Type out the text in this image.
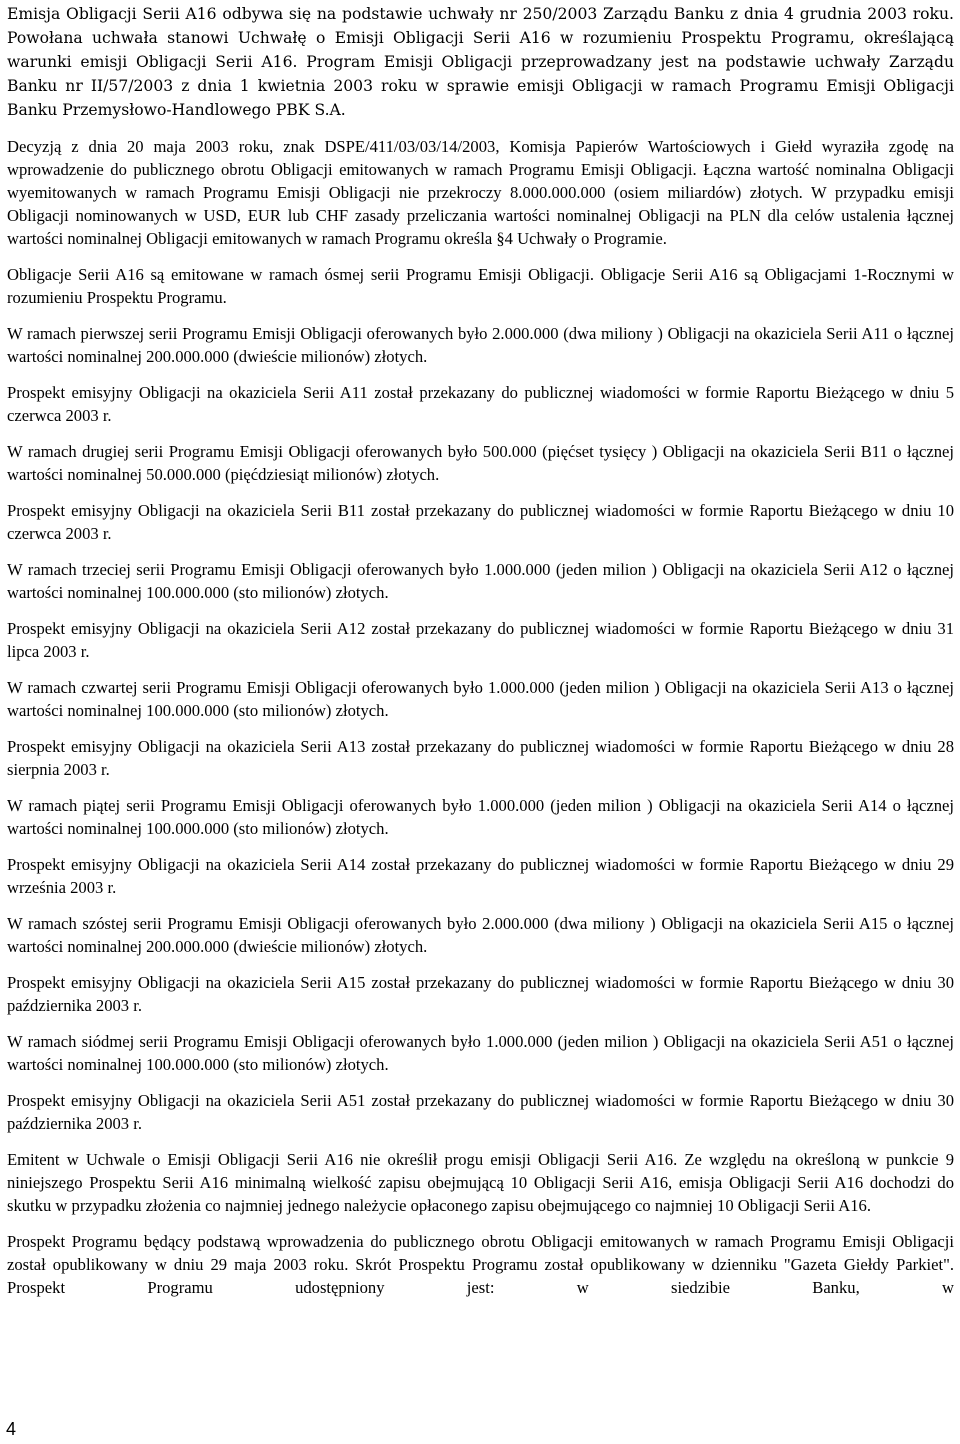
Emisja Obligacji Serii A16 odbywa się na podstawie uchwały nr 250/2003 Zarządu Banku z dnia 4 grudnia 2003 roku. Powołana uchwała stanowi Uchwałę o Emisji Obligacji Serii A16 w rozumieniu Prospektu Programu, określającą warunki emisji Obligacji Serii A16. Program Emisji Obligacji przeprowadzany jest na podstawie uchwały Zarządu Banku nr II/57/2003 z dnia 1 kwietnia 2003 roku w sprawie emisji Obligacji w ramach Programu Emisji Obligacji Banku Przemysłowo-Handlowego PBK S.A.

Decyzją z dnia 20 maja 2003 roku, znak DSPE/411/03/03/14/2003, Komisja Papierów Wartościowych i Giełd wyraziła zgodę na wprowadzenie do publicznego obrotu Obligacji emitowanych w ramach Programu Emisji Obligacji. Łączna wartość nominalna Obligacji wyemitowanych w ramach Programu Emisji Obligacji nie przekroczy 8.000.000.000 (osiem miliardów) złotych. W przypadku emisji Obligacji nominowanych w USD, EUR lub CHF zasady przeliczania wartości nominalnej Obligacji na PLN dla celów ustalenia łącznej wartości nominalnej Obligacji emitowanych w ramach Programu określa §4 Uchwały o Programie.

Obligacje Serii A16 są emitowane w ramach ósmej serii Programu Emisji Obligacji. Obligacje Serii A16 są Obligacjami 1-Rocznymi w rozumieniu Prospektu Programu.

W ramach pierwszej serii Programu Emisji Obligacji oferowanych było 2.000.000 (dwa miliony ) Obligacji na okaziciela Serii A11 o łącznej wartości nominalnej 200.000.000 (dwieście milionów) złotych.

Prospekt emisyjny Obligacji na okaziciela Serii A11 został przekazany do publicznej wiadomości w formie Raportu Bieżącego w dniu 5 czerwca 2003 r.

W ramach drugiej serii Programu Emisji Obligacji oferowanych było 500.000 (pięćset tysięcy ) Obligacji na okaziciela Serii B11 o łącznej wartości nominalnej 50.000.000 (pięćdziesiąt milionów) złotych.

Prospekt emisyjny Obligacji na okaziciela Serii B11 został przekazany do publicznej wiadomości w formie Raportu Bieżącego w dniu 10 czerwca 2003 r.

W ramach trzeciej serii Programu Emisji Obligacji oferowanych było 1.000.000 (jeden milion ) Obligacji na okaziciela Serii A12 o łącznej wartości nominalnej 100.000.000 (sto milionów) złotych.

Prospekt emisyjny Obligacji na okaziciela Serii A12 został przekazany do publicznej wiadomości w formie Raportu Bieżącego w dniu 31 lipca 2003 r.

W ramach czwartej serii Programu Emisji Obligacji oferowanych było 1.000.000 (jeden milion ) Obligacji na okaziciela Serii A13 o łącznej wartości nominalnej 100.000.000 (sto milionów) złotych.

Prospekt emisyjny Obligacji na okaziciela Serii A13 został przekazany do publicznej wiadomości w formie Raportu Bieżącego w dniu 28 sierpnia 2003 r.

W ramach piątej serii Programu Emisji Obligacji oferowanych było 1.000.000 (jeden milion ) Obligacji na okaziciela Serii A14 o łącznej wartości nominalnej 100.000.000 (sto milionów) złotych.

Prospekt emisyjny Obligacji na okaziciela Serii A14 został przekazany do publicznej wiadomości w formie Raportu Bieżącego w dniu 29 września 2003 r.

W ramach szóstej serii Programu Emisji Obligacji oferowanych było 2.000.000 (dwa miliony ) Obligacji na okaziciela Serii A15 o łącznej wartości nominalnej 200.000.000 (dwieście milionów) złotych.

Prospekt emisyjny Obligacji na okaziciela Serii A15 został przekazany do publicznej wiadomości w formie Raportu Bieżącego w dniu 30 października 2003 r.

W ramach siódmej serii Programu Emisji Obligacji oferowanych było 1.000.000 (jeden milion ) Obligacji na okaziciela Serii A51 o łącznej wartości nominalnej 100.000.000 (sto milionów) złotych.

Prospekt emisyjny Obligacji na okaziciela Serii A51 został przekazany do publicznej wiadomości w formie Raportu Bieżącego w dniu 30 października 2003 r.

Emitent w Uchwale o Emisji Obligacji Serii A16 nie określił progu emisji Obligacji Serii A16. Ze względu na określoną w punkcie 9 niniejszego Prospektu Serii A16 minimalną wielkość zapisu obejmującą 10 Obligacji Serii A16, emisja Obligacji Serii A16 dochodzi do skutku w przypadku złożenia co najmniej jednego należycie opłaconego zapisu obejmującego co najmniej 10 Obligacji Serii A16.

Prospekt Programu będący podstawą wprowadzenia do publicznego obrotu Obligacji emitowanych w ramach Programu Emisji Obligacji został opublikowany w dniu 29 maja 2003 roku. Skrót Prospektu Programu został opublikowany w dzienniku "Gazeta Giełdy Parkiet". Prospekt Programu udostępniony jest: w siedzibie Banku, w

4
